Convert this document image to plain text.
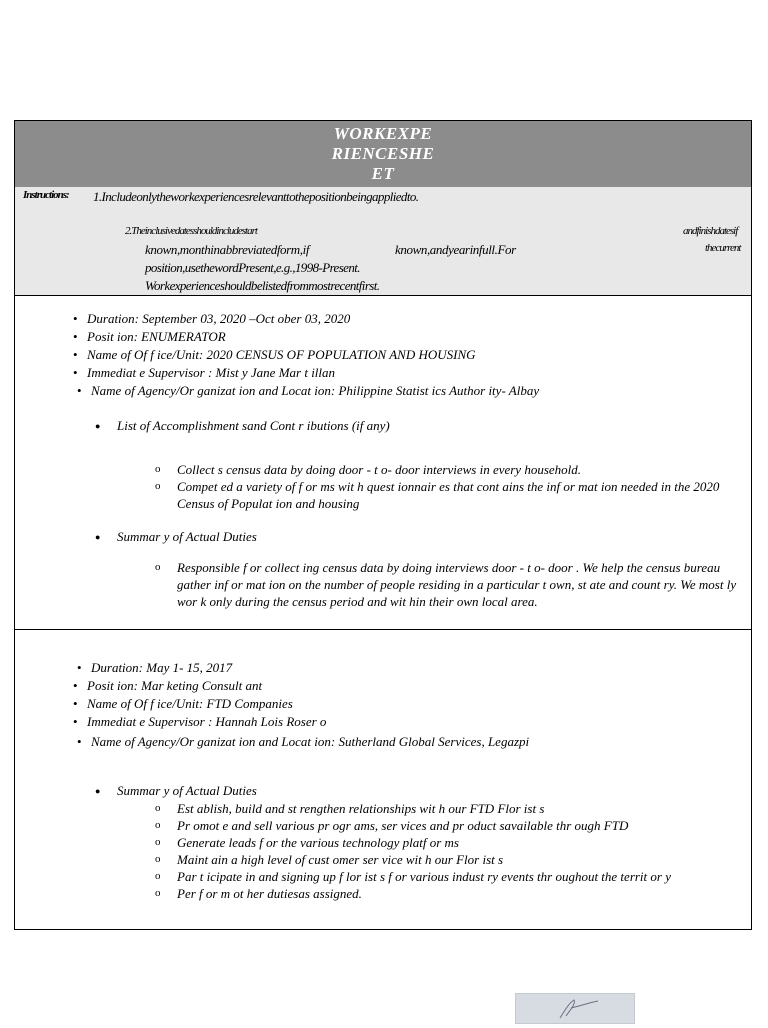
WORKEXPE
RIENCESHE
ET
Instructions: 1.Includeonlytheworkexperiencesrelevanttothepositionbeingappliedto.
2.Theinclusivedatesshouldincludestart	andfinishdatesif
known,monthinabbreviatedform,if	known,andyearinfull.For	thecurrent
position,usethewordPresent,e.g.,1998-Present.
Workexperienceshouldbelistedfrommostrecentfirst.
• Duration: September 03, 2020 –Oct ober 03, 2020
• Posit ion: ENUMERATOR
• Name of Of f ice/Unit: 2020 CENSUS OF POPULATION AND HOUSING
• Immediat e Supervisor : Mist y Jane Mar t illan
• Name of Agency/Or ganizat ion and Locat ion: Philippine Statist ics Author ity- Albay
● List of Accomplishment sand Cont r ibutions (if any)
o Collect s census data by doing door - t o- door interviews in every household.
o Compet ed a variety of f or ms wit h quest ionnair es that cont ains the inf or mat ion needed in the 2020 Census of Populat ion and housing
● Summar y of Actual Duties
o Responsible f or collect ing census data by doing interviews door - t o- door . We help the census bureau gather inf or mat ion on the number of people residing in a particular t own, st ate and count ry. We most ly wor k only during the census period and wit hin their own local area.
• Duration: May 1- 15, 2017
• Posit ion: Mar keting Consult ant
• Name of Of f ice/Unit: FTD Companies
• Immediat e Supervisor : Hannah Lois Roser o
• Name of Agency/Or ganizat ion and Locat ion: Sutherland Global Services, Legazpi
● Summar y of Actual Duties
o Est ablish, build and st rengthen relationships wit h our FTD Flor ist s
o Pr omot e and sell various pr ogr ams, ser vices and pr oduct savailable thr ough FTD
o Generate leads f or the various technology platf or ms
o Maint ain a high level of cust omer ser vice wit h our Flor ist s
o Par t icipate in and signing up f lor ist s f or various indust ry events thr oughout the territ or y
o Per f or m ot her dutiesas assigned.
